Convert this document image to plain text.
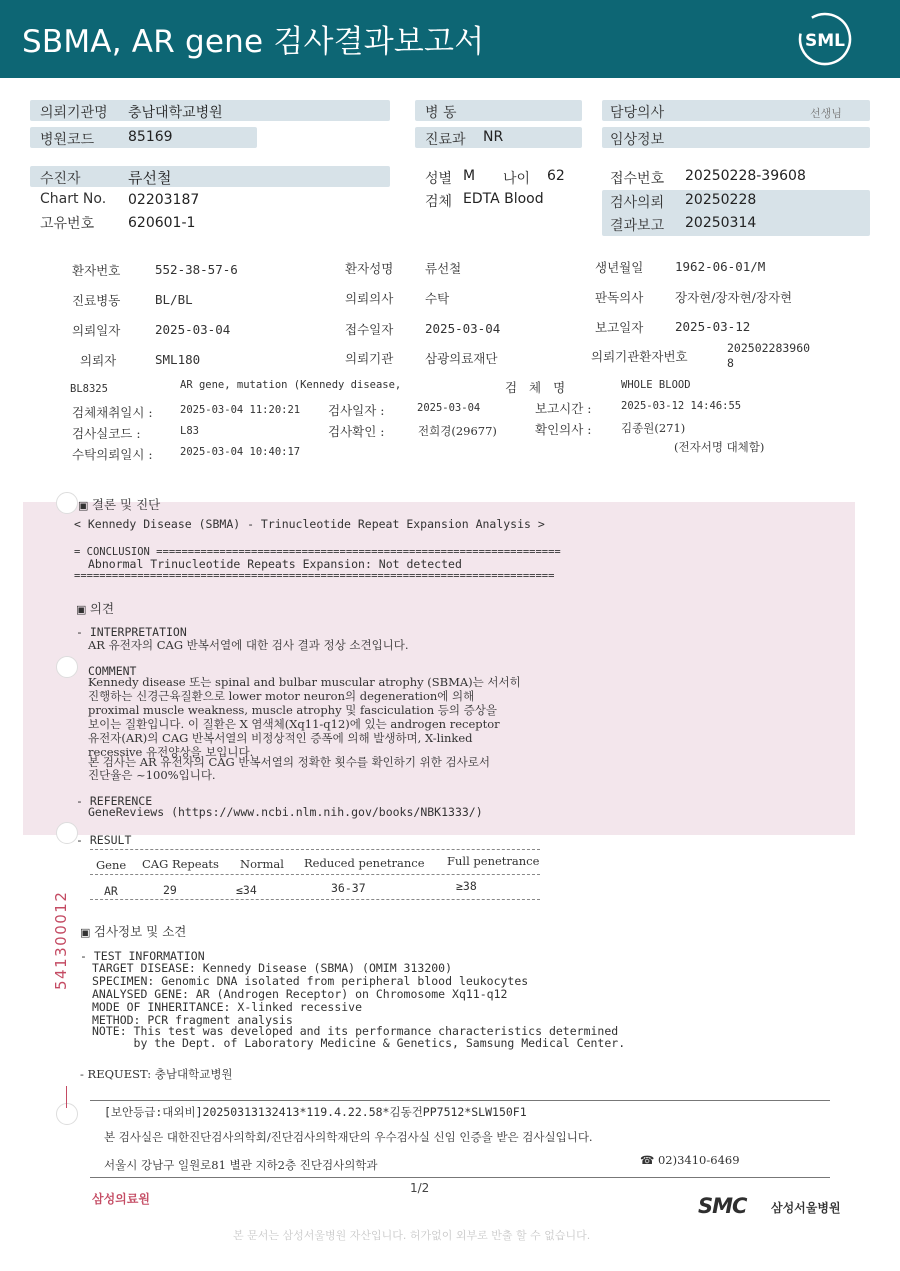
SBMA, AR gene 검사결과보고서	SML
의뢰기관명 충남대학교병원	병 동	담당의사	선생님
병원코드 85169	진료과 NR	임상정보
수진자	류선철	성별 M 나이 62	접수번호 20250228-39608
Chart No. 02203187	검체 EDTA Blood	검사의뢰 20250228
고유번호 620601-1	결과보고 20250314
환자번호	552-38-57-6	환자성명	류선철	생년월일	1962-06-01/M
진료병동	BL/BL	의뢰의사	수탁	판독의사	장자현/장자현/장자현
의뢰일자	2025-03-04	접수일자	2025-03-04	보고일자	2025-03-12
의뢰자	SML180	의뢰기관	삼광의료재단	의뢰기관환자번호
202502283960
8
BL8325	AR gene, mutation (Kennedy disease,	검 체 명	WHOLE BLOOD
검체채취일시 :	2025-03-04 11:20:21 검사일자 :	2025-03-04	보고시간 :	2025-03-12 14:46:55
검사실코드 :	L83	검사확인 :	전희경(29677)	확인의사 :	김종원(271)
수탁의뢰일시 :	2025-03-04 10:40:17	(전자서명 대체함)
▣ 결론 및 진단
< Kennedy Disease (SBMA) - Trinucleotide Repeat Expansion Analysis >
= CONCLUSION ================================================================
Abnormal Trinucleotide Repeats Expansion: Not detected
============================================================================
▣ 의견
- INTERPRETATION
AR 유전자의 CAG 반복서열에 대한 검사 결과 정상 소견입니다.
COMMENT
Kennedy disease 또는 spinal and bulbar muscular atrophy (SBMA)는 서서히
진행하는 신경근육질환으로 lower motor neuron의 degeneration에 의해
proximal muscle weakness, muscle atrophy 및 fasciculation 등의 증상을
보이는 질환입니다. 이 질환은 X 염색체(Xq11-q12)에 있는 androgen receptor
유전자(AR)의 CAG 반복서열의 비정상적인 증폭에 의해 발생하며, X-linked
recessive 유전양상을 보입니다.
본 검사는 AR 유전자의 CAG 반복서열의 정확한 횟수를 확인하기 위한 검사로서
진단율은 ~100%입니다.
- REFERENCE
GeneReviews (https://www.ncbi.nlm.nih.gov/books/NBK1333/)
- RESULT
Gene CAG Repeats Normal Reduced penetrance Full penetrance
AR	29	≤34	36-37	≥38
▣ 검사정보 및 소견
- TEST INFORMATION
TARGET DISEASE: Kennedy Disease (SBMA) (OMIM 313200)
SPECIMEN: Genomic DNA isolated from peripheral blood leukocytes
ANALYSED GENE: AR (Androgen Receptor) on Chromosome Xq11-q12
MODE OF INHERITANCE: X-linked recessive
METHOD: PCR fragment analysis
NOTE: This test was developed and its performance characteristics determined
by the Dept. of Laboratory Medicine & Genetics, Samsung Medical Center.
- REQUEST: 충남대학교병원
541300012
[보안등급:대외비]20250313132413*119.4.22.58*김동건PP7512*SLW150F1
본 검사실은 대한진단검사의학회/진단검사의학재단의 우수검사실 신임 인증을 받은 검사실입니다.
서울시 강남구 일원로81 별관 지하2층 진단검사의학과	☎ 02)3410-6469
삼성의료원
1/2
SMC 삼성서울병원
본 문서는 삼성서울병원 자산입니다. 허가없이 외부로 반출 할 수 없습니다.
